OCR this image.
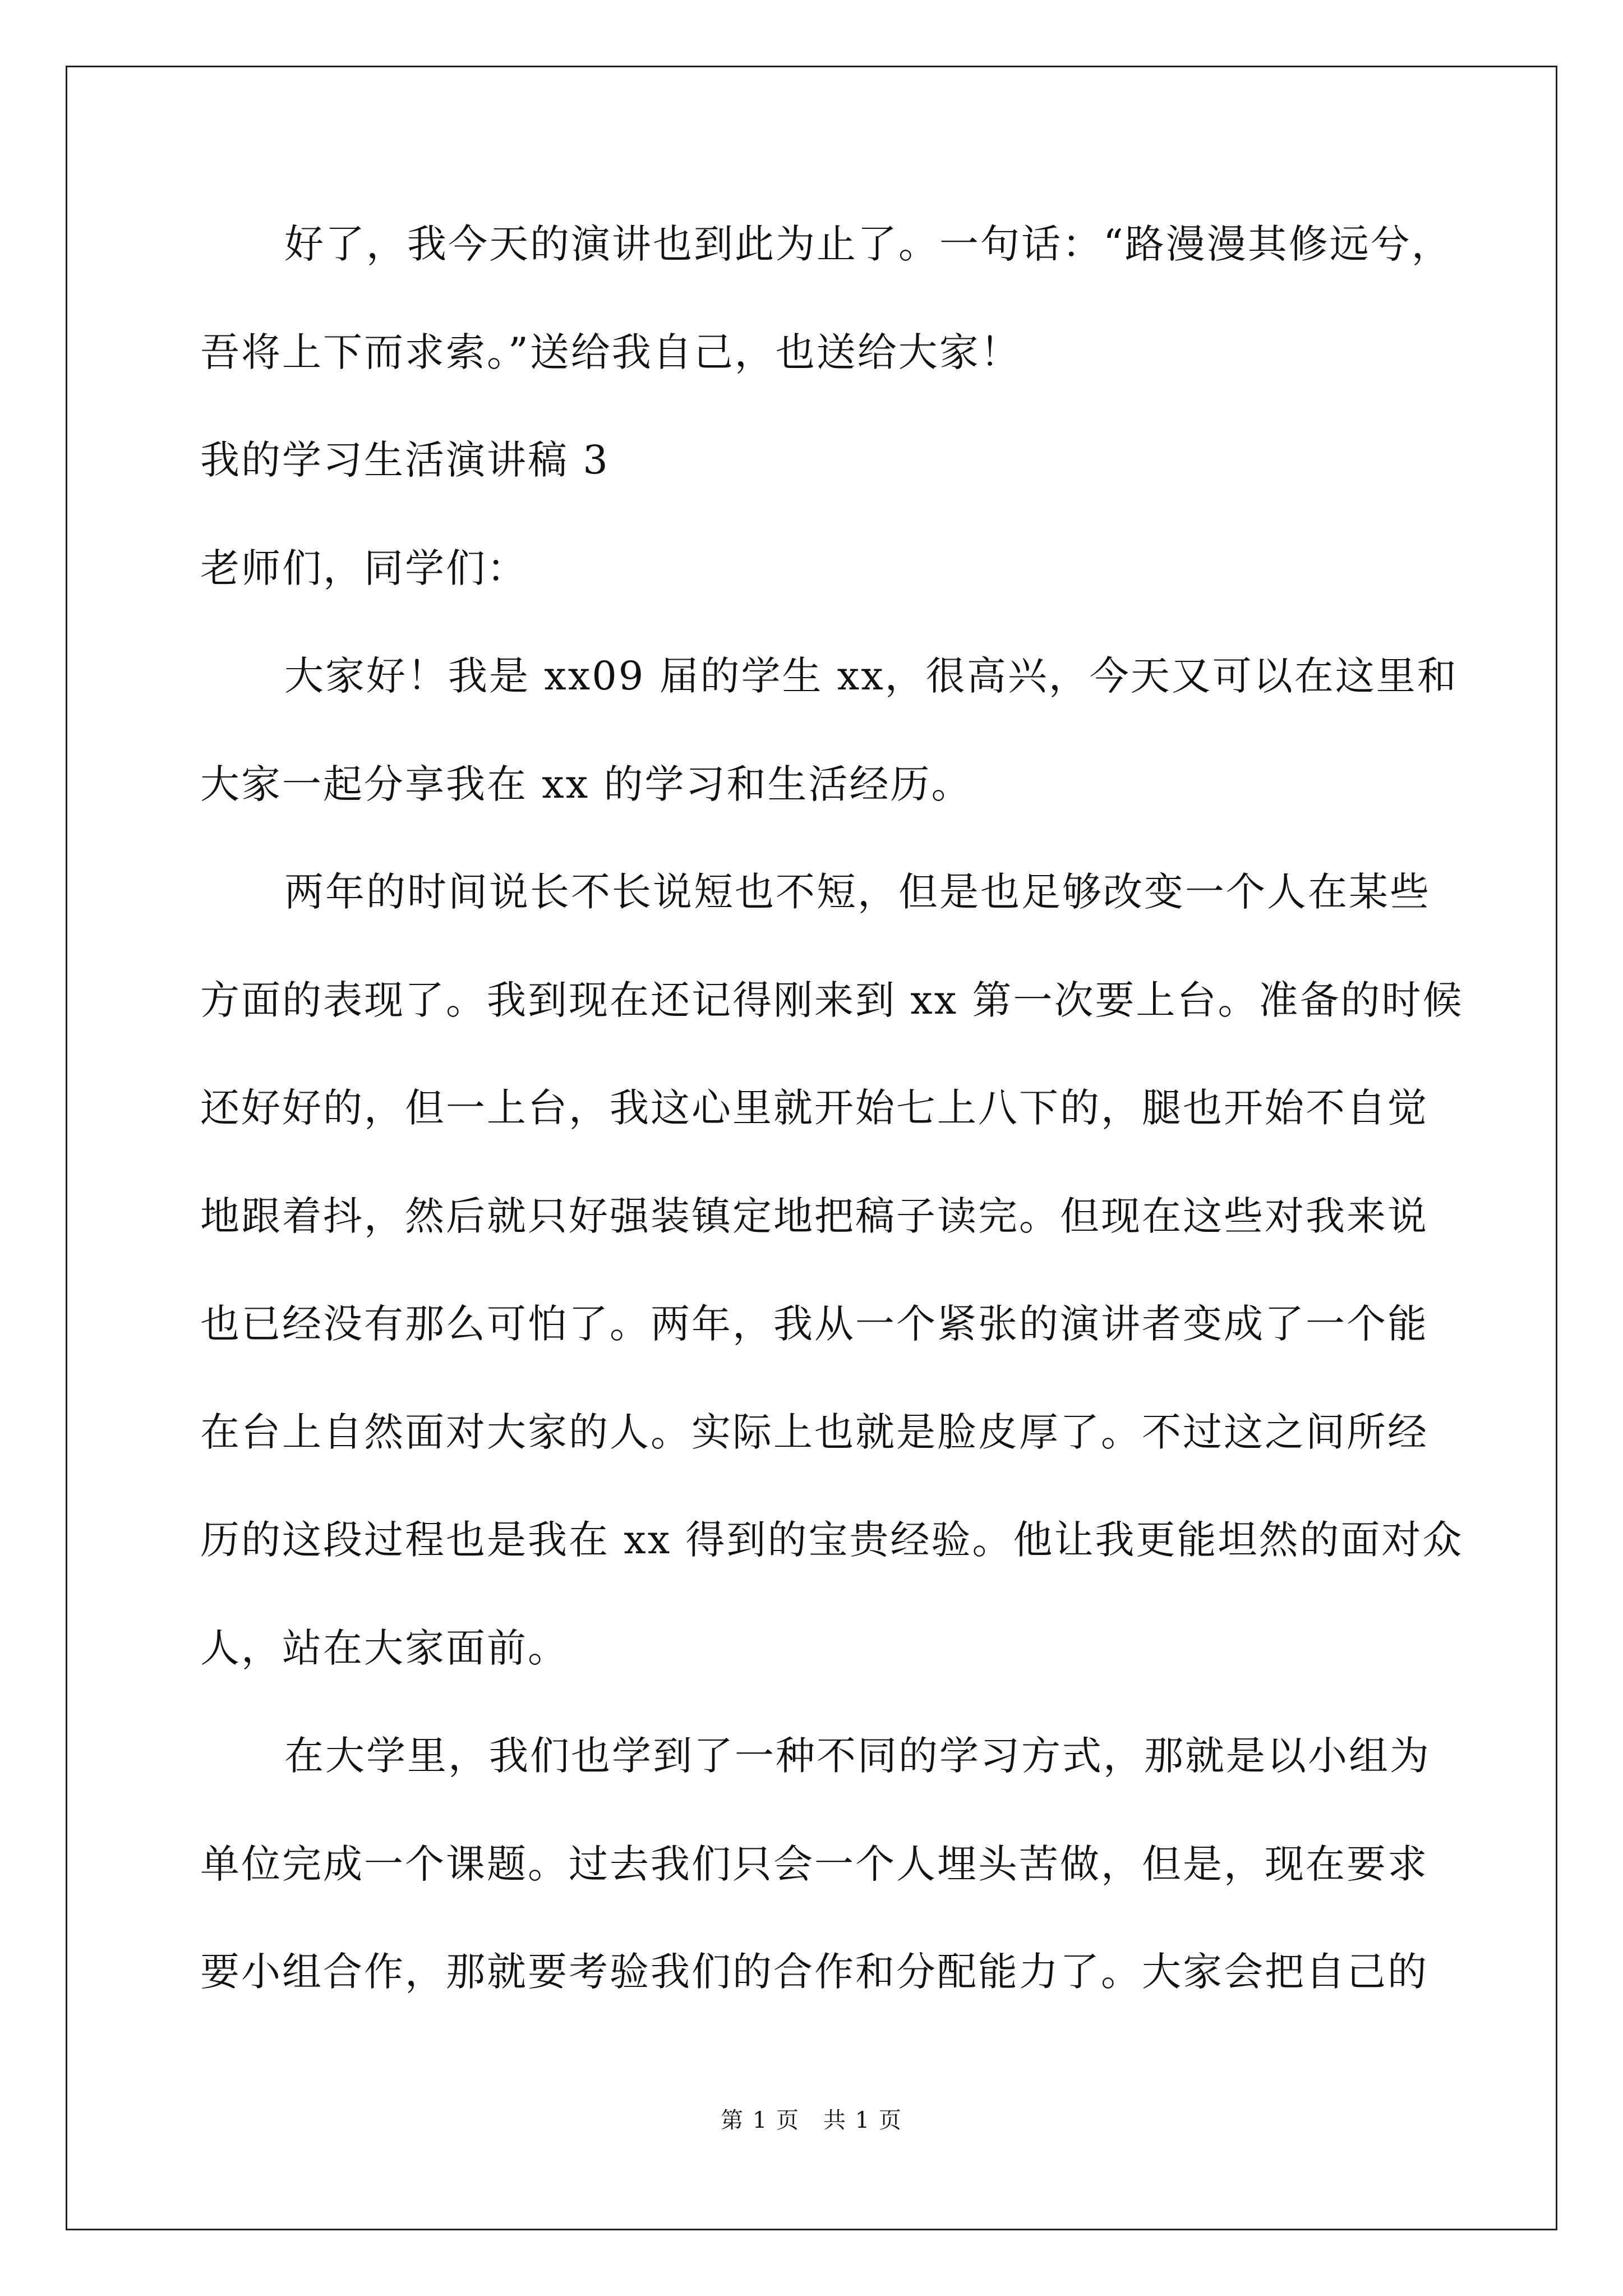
好了，我今天的演讲也到此为止了。一句话：“路漫漫其修远兮，
吾将上下而求索。”送给我自己，也送给大家！
我的学习生活演讲稿 3
老师们，同学们：
大家好！我是 xx09 届的学生 xx，很高兴，今天又可以在这里和
大家一起分享我在 xx 的学习和生活经历。
两年的时间说长不长说短也不短，但是也足够改变一个人在某些
方面的表现了。我到现在还记得刚来到 xx 第一次要上台。准备的时候
还好好的，但一上台，我这心里就开始七上八下的，腿也开始不自觉
地跟着抖，然后就只好强装镇定地把稿子读完。但现在这些对我来说
也已经没有那么可怕了。两年，我从一个紧张的演讲者变成了一个能
在台上自然面对大家的人。实际上也就是脸皮厚了。不过这之间所经
历的这段过程也是我在 xx 得到的宝贵经验。他让我更能坦然的面对众
人，站在大家面前。
在大学里，我们也学到了一种不同的学习方式，那就是以小组为
单位完成一个课题。过去我们只会一个人埋头苦做，但是，现在要求
要小组合作，那就要考验我们的合作和分配能力了。大家会把自己的
第 1 页　共 1 页
